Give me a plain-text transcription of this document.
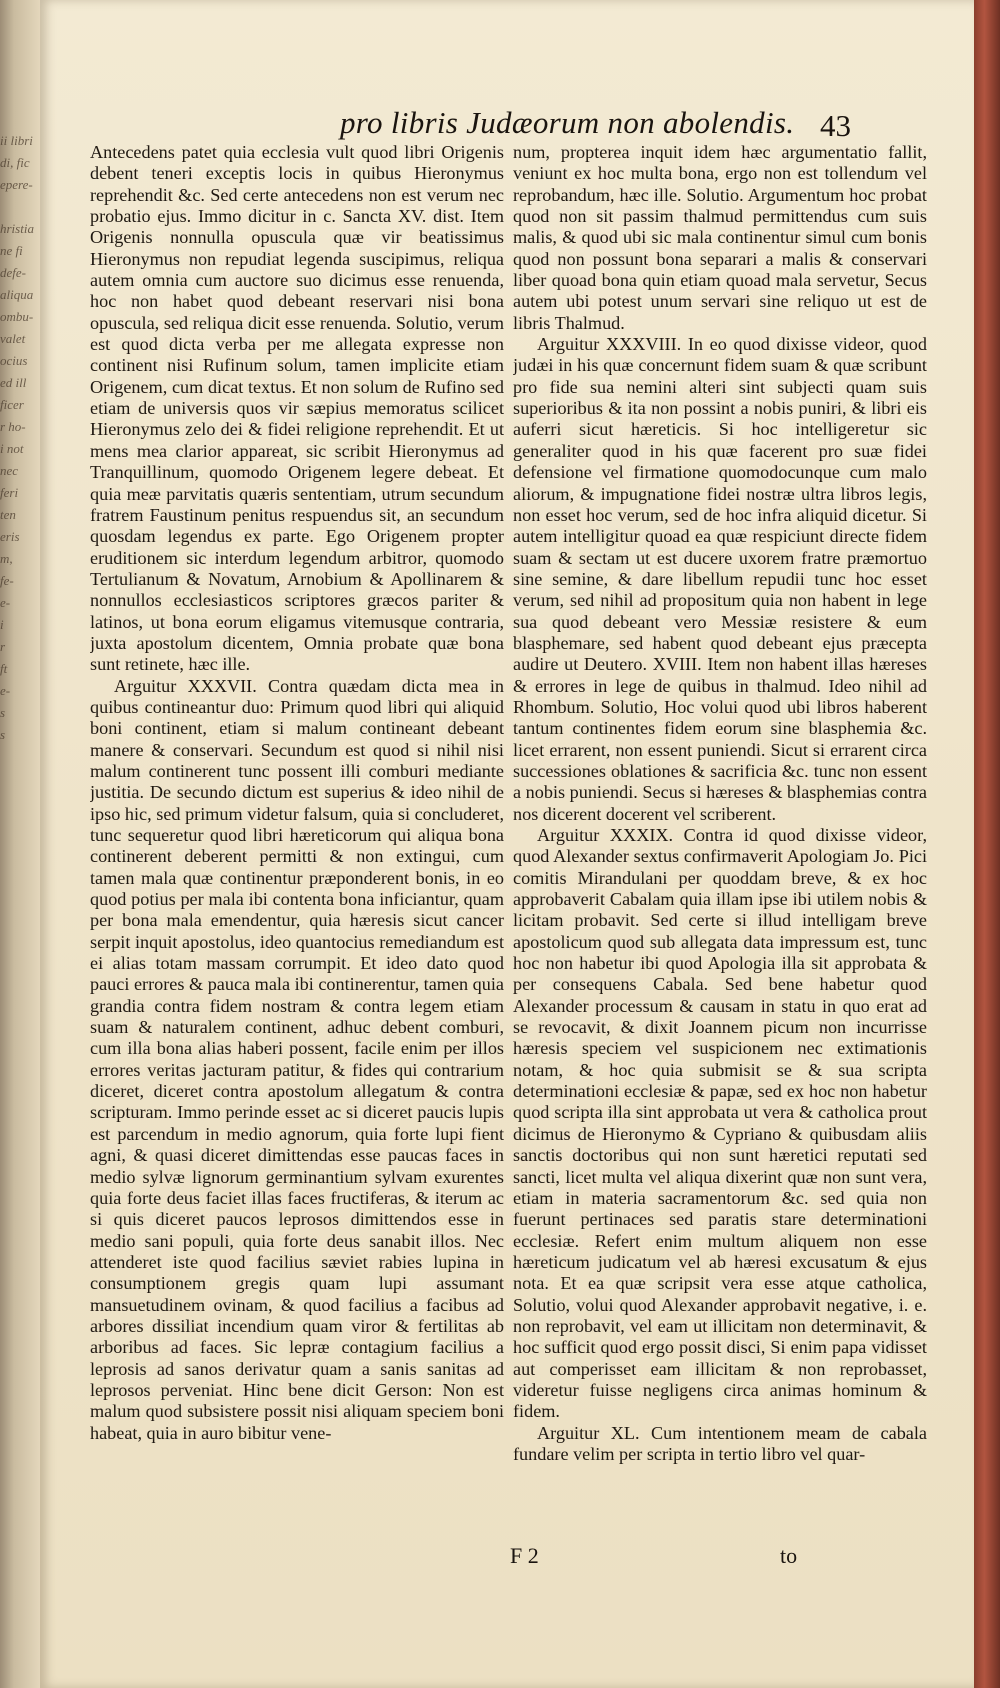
ii libri
di, fic
epere-

hristia
ne fi
defe-
aliqua
ombu-
valet
ocius
ed ill
ficer
r ho-
i not
nec
feri
ten
eris
m,
fe-
e-
i
r
ft
e-
s
s
pro libris Judæorum non abolendis. 43

Antecedens patet quia ecclesia vult quod libri Origenis debent teneri exceptis locis in quibus Hieronymus reprehendit &c. Sed certe antecedens non est verum nec probatio ejus. Immo dicitur in c. Sancta XV. dist. Item Origenis nonnulla opuscula quæ vir beatissimus Hieronymus non repudiat legenda suscipimus, reliqua autem omnia cum auctore suo dicimus esse renuenda, hoc non habet quod debeant reservari nisi bona opuscula, sed reliqua dicit esse renuenda. Solutio, verum est quod dicta verba per me allegata expresse non continent nisi Rufinum solum, tamen implicite etiam Origenem, cum dicat textus. Et non solum de Rufino sed etiam de universis quos vir sæpius memoratus scilicet Hieronymus zelo dei & fidei religione reprehendit. Et ut mens mea clarior appareat, sic scribit Hieronymus ad Tranquillinum, quomodo Origenem legere debeat. Et quia meæ parvitatis quæris sententiam, utrum secundum fratrem Faustinum penitus respuendus sit, an secundum quosdam legendus ex parte. Ego Origenem propter eruditionem sic interdum legendum arbitror, quomodo Tertulianum & Novatum, Arnobium & Apollinarem & nonnullos ecclesiasticos scriptores græcos pariter & latinos, ut bona eorum eligamus vitemusque contraria, juxta apostolum dicentem, Omnia probate quæ bona sunt retinete, hæc ille.

Arguitur XXXVII. Contra quædam dicta mea in quibus contineantur duo: Primum quod libri qui aliquid boni continent, etiam si malum contineant debeant manere & conservari. Secundum est quod si nihil nisi malum continerent tunc possent illi comburi mediante justitia. De secundo dictum est superius & ideo nihil de ipso hic, sed primum videtur falsum, quia si concluderet, tunc sequeretur quod libri hæreticorum qui aliqua bona continerent deberent permitti & non extingui, cum tamen mala quæ continentur præponderent bonis, in eo quod potius per mala ibi contenta bona inficiantur, quam per bona mala emendentur, quia hæresis sicut cancer serpit inquit apostolus, ideo quantocius remediandum est ei alias totam massam corrumpit. Et ideo dato quod pauci errores & pauca mala ibi continerentur, tamen quia grandia contra fidem nostram & contra legem etiam suam & naturalem continent, adhuc debent comburi, cum illa bona alias haberi possent, facile enim per illos errores veritas jacturam patitur, & fides qui contrarium diceret, diceret contra apostolum allegatum & contra scripturam. Immo perinde esset ac si diceret paucis lupis est parcendum in medio agnorum, quia forte lupi fient agni, & quasi diceret dimittendas esse paucas faces in medio sylvæ lignorum germinantium sylvam exurentes quia forte deus faciet illas faces fructiferas, & iterum ac si quis diceret paucos leprosos dimittendos esse in medio sani populi, quia forte deus sanabit illos. Nec attenderet iste quod facilius sæviet rabies lupina in consumptionem gregis quam lupi assumant mansuetudinem ovinam, & quod facilius a facibus ad arbores dissiliat incendium quam viror & fertilitas ab arboribus ad faces. Sic lepræ contagium facilius a leprosis ad sanos derivatur quam a sanis sanitas ad leprosos perveniat. Hinc bene dicit Gerson: Non est malum quod subsistere possit nisi aliquam speciem boni habeat, quia in auro bibitur vene-

num, propterea inquit idem hæc argumentatio fallit, veniunt ex hoc multa bona, ergo non est tollendum vel reprobandum, hæc ille. Solutio. Argumentum hoc probat quod non sit passim thalmud permittendus cum suis malis, & quod ubi sic mala continentur simul cum bonis quod non possunt bona separari a malis & conservari liber quoad bona quin etiam quoad mala servetur, Secus autem ubi potest unum servari sine reliquo ut est de libris Thalmud.

Arguitur XXXVIII. In eo quod dixisse videor, quod judæi in his quæ concernunt fidem suam & quæ scribunt pro fide sua nemini alteri sint subjecti quam suis superioribus & ita non possint a nobis puniri, & libri eis auferri sicut hæreticis. Si hoc intelligeretur sic generaliter quod in his quæ facerent pro suæ fidei defensione vel firmatione quomodocunque cum malo aliorum, & impugnatione fidei nostræ ultra libros legis, non esset hoc verum, sed de hoc infra aliquid dicetur. Si autem intelligitur quoad ea quæ respiciunt directe fidem suam & sectam ut est ducere uxorem fratre præmortuo sine semine, & dare libellum repudii tunc hoc esset verum, sed nihil ad propositum quia non habent in lege sua quod debeant vero Messiæ resistere & eum blasphemare, sed habent quod debeant ejus præcepta audire ut Deutero. XVIII. Item non habent illas hæreses & errores in lege de quibus in thalmud. Ideo nihil ad Rhombum. Solutio, Hoc volui quod ubi libros haberent tantum continentes fidem eorum sine blasphemia &c. licet errarent, non essent puniendi. Sicut si errarent circa successiones oblationes & sacrificia &c. tunc non essent a nobis puniendi. Secus si hæreses & blasphemias contra nos dicerent docerent vel scriberent.

Arguitur XXXIX. Contra id quod dixisse videor, quod Alexander sextus confirmaverit Apologiam Jo. Pici comitis Mirandulani per quoddam breve, & ex hoc approbaverit Cabalam quia illam ipse ibi utilem nobis & licitam probavit. Sed certe si illud intelligam breve apostolicum quod sub allegata data impressum est, tunc hoc non habetur ibi quod Apologia illa sit approbata & per consequens Cabala. Sed bene habetur quod Alexander processum & causam in statu in quo erat ad se revocavit, & dixit Joannem picum non incurrisse hæresis speciem vel suspicionem nec extimationis notam, & hoc quia submisit se & sua scripta determinationi ecclesiæ & papæ, sed ex hoc non habetur quod scripta illa sint approbata ut vera & catholica prout dicimus de Hieronymo & Cypriano & quibusdam aliis sanctis doctoribus qui non sunt hæretici reputati sed sancti, licet multa vel aliqua dixerint quæ non sunt vera, etiam in materia sacramentorum &c. sed quia non fuerunt pertinaces sed paratis stare determinationi ecclesiæ. Refert enim multum aliquem non esse hæreticum judicatum vel ab hæresi excusatum & ejus nota. Et ea quæ scripsit vera esse atque catholica, Solutio, volui quod Alexander approbavit negative, i. e. non reprobavit, vel eam ut illicitam non determinavit, & hoc sufficit quod ergo possit disci, Si enim papa vidisset aut comperisset eam illicitam & non reprobasset, videretur fuisse negligens circa animas hominum & fidem.

Arguitur XL. Cum intentionem meam de cabala fundare velim per scripta in tertio libro vel quar-

F 2	to
